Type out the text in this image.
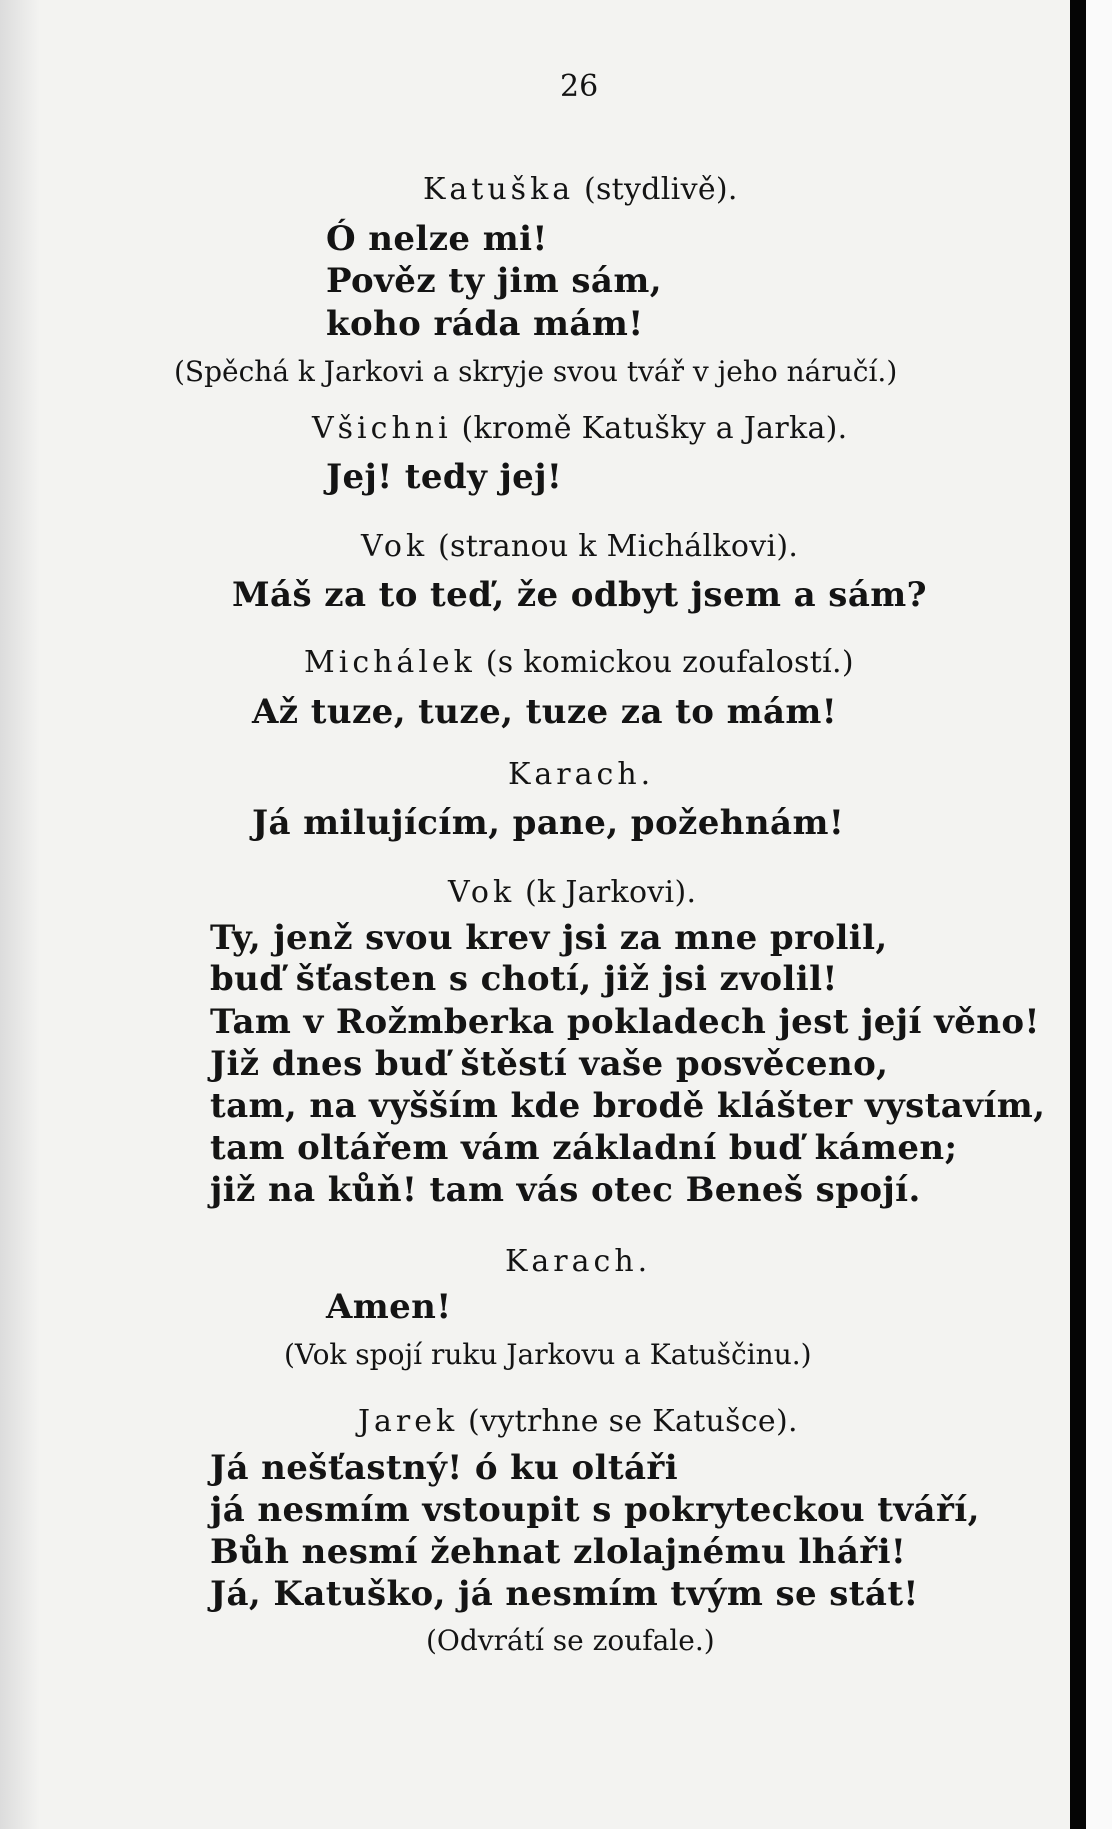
26
Katuška (stydlivě).
Ó nelze mi!
Pověz ty jim sám,
koho ráda mám!
(Spěchá k Jarkovi a skryje svou tvář v jeho náručí.)
Všichni (kromě Katušky a Jarka).
Jej! tedy jej!
Vok (stranou k Michálkovi).
Máš za to teď, že odbyt jsem a sám?
Michálek (s komickou zoufalostí.)
Až tuze, tuze, tuze za to mám!
Karach.
Já milujícím, pane, požehnám!
Vok (k Jarkovi).
Ty, jenž svou krev jsi za mne prolil,
buď šťasten s chotí, již jsi zvolil!
Tam v Rožmberka pokladech jest její věno!
Již dnes buď štěstí vaše posvěceno,
tam, na vyšším kde brodě klášter vystavím,
tam oltářem vám základní buď kámen;
již na kůň! tam vás otec Beneš spojí.
Karach.
Amen!
(Vok spojí ruku Jarkovu a Katuščinu.)
Jarek (vytrhne se Katušce).
Já nešťastný! ó ku oltáři
já nesmím vstoupit s pokryteckou tváří,
Bůh nesmí žehnat zlolajnému lháři!
Já, Katuško, já nesmím tvým se stát!
(Odvrátí se zoufale.)
